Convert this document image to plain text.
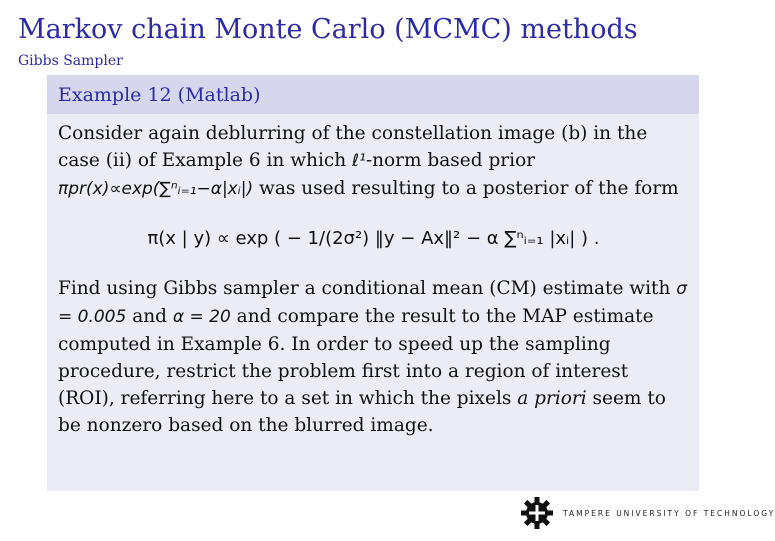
Markov chain Monte Carlo (MCMC) methods
Gibbs Sampler
Example 12 (Matlab)

Consider again deblurring of the constellation image (b) in the case (ii) of Example 6 in which ℓ¹-norm based prior πpr(x)∝exp(∑ⁿᵢ₌₁−α|xᵢ|) was used resulting to a posterior of the form

π(x | y) ∝ exp ( − 1/(2σ²) ‖y − Ax‖² − α ∑ⁿᵢ₌₁ |xᵢ| ) .

Find using Gibbs sampler a conditional mean (CM) estimate with σ = 0.005 and α = 20 and compare the result to the MAP estimate computed in Example 6. In order to speed up the sampling procedure, restrict the problem first into a region of interest (ROI), referring here to a set in which the pixels a priori seem to be nonzero based on the blurred image.

TAMPERE UNIVERSITY OF TECHNOLOGY
